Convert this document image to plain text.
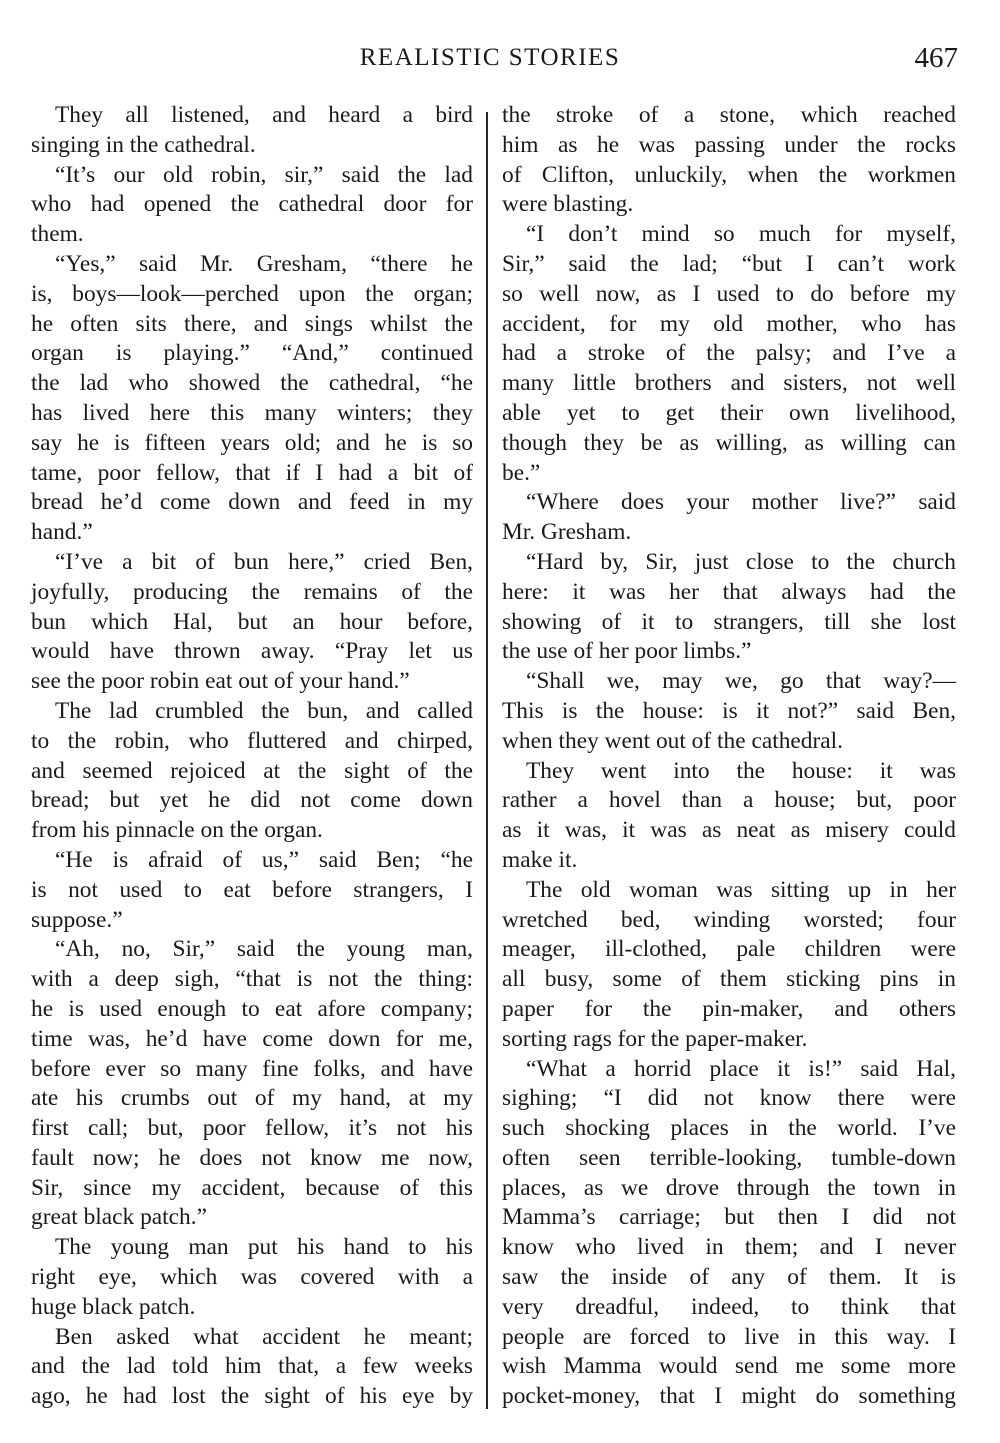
REALISTIC STORIES	467
They all listened, and heard a bird
singing in the cathedral.
“It’s our old robin, sir,” said the lad
who had opened the cathedral door for
them.
“Yes,” said Mr. Gresham, “there he
is, boys—look—perched upon the organ;
he often sits there, and sings whilst the
organ is playing.” “And,” continued
the lad who showed the cathedral, “he
has lived here this many winters; they
say he is fifteen years old; and he is so
tame, poor fellow, that if I had a bit of
bread he’d come down and feed in my
hand.”
“I’ve a bit of bun here,” cried Ben,
joyfully, producing the remains of the
bun which Hal, but an hour before,
would have thrown away. “Pray let us
see the poor robin eat out of your hand.”
The lad crumbled the bun, and called
to the robin, who fluttered and chirped,
and seemed rejoiced at the sight of the
bread; but yet he did not come down
from his pinnacle on the organ.
“He is afraid of us,” said Ben; “he
is not used to eat before strangers, I
suppose.”
“Ah, no, Sir,” said the young man,
with a deep sigh, “that is not the thing:
he is used enough to eat afore company;
time was, he’d have come down for me,
before ever so many fine folks, and have
ate his crumbs out of my hand, at my
first call; but, poor fellow, it’s not his
fault now; he does not know me now,
Sir, since my accident, because of this
great black patch.”
The young man put his hand to his
right eye, which was covered with a
huge black patch.
Ben asked what accident he meant;
and the lad told him that, a few weeks
ago, he had lost the sight of his eye by
the stroke of a stone, which reached
him as he was passing under the rocks
of Clifton, unluckily, when the workmen
were blasting.
“I don’t mind so much for myself,
Sir,” said the lad; “but I can’t work
so well now, as I used to do before my
accident, for my old mother, who has
had a stroke of the palsy; and I’ve a
many little brothers and sisters, not well
able yet to get their own livelihood,
though they be as willing, as willing can
be.”
“Where does your mother live?” said
Mr. Gresham.
“Hard by, Sir, just close to the church
here: it was her that always had the
showing of it to strangers, till she lost
the use of her poor limbs.”
“Shall we, may we, go that way?—
This is the house: is it not?” said Ben,
when they went out of the cathedral.
They went into the house: it was
rather a hovel than a house; but, poor
as it was, it was as neat as misery could
make it.
The old woman was sitting up in her
wretched bed, winding worsted; four
meager, ill-clothed, pale children were
all busy, some of them sticking pins in
paper for the pin-maker, and others
sorting rags for the paper-maker.
“What a horrid place it is!” said Hal,
sighing; “I did not know there were
such shocking places in the world. I’ve
often seen terrible-looking, tumble-down
places, as we drove through the town in
Mamma’s carriage; but then I did not
know who lived in them; and I never
saw the inside of any of them. It is
very dreadful, indeed, to think that
people are forced to live in this way. I
wish Mamma would send me some more
pocket-money, that I might do something
